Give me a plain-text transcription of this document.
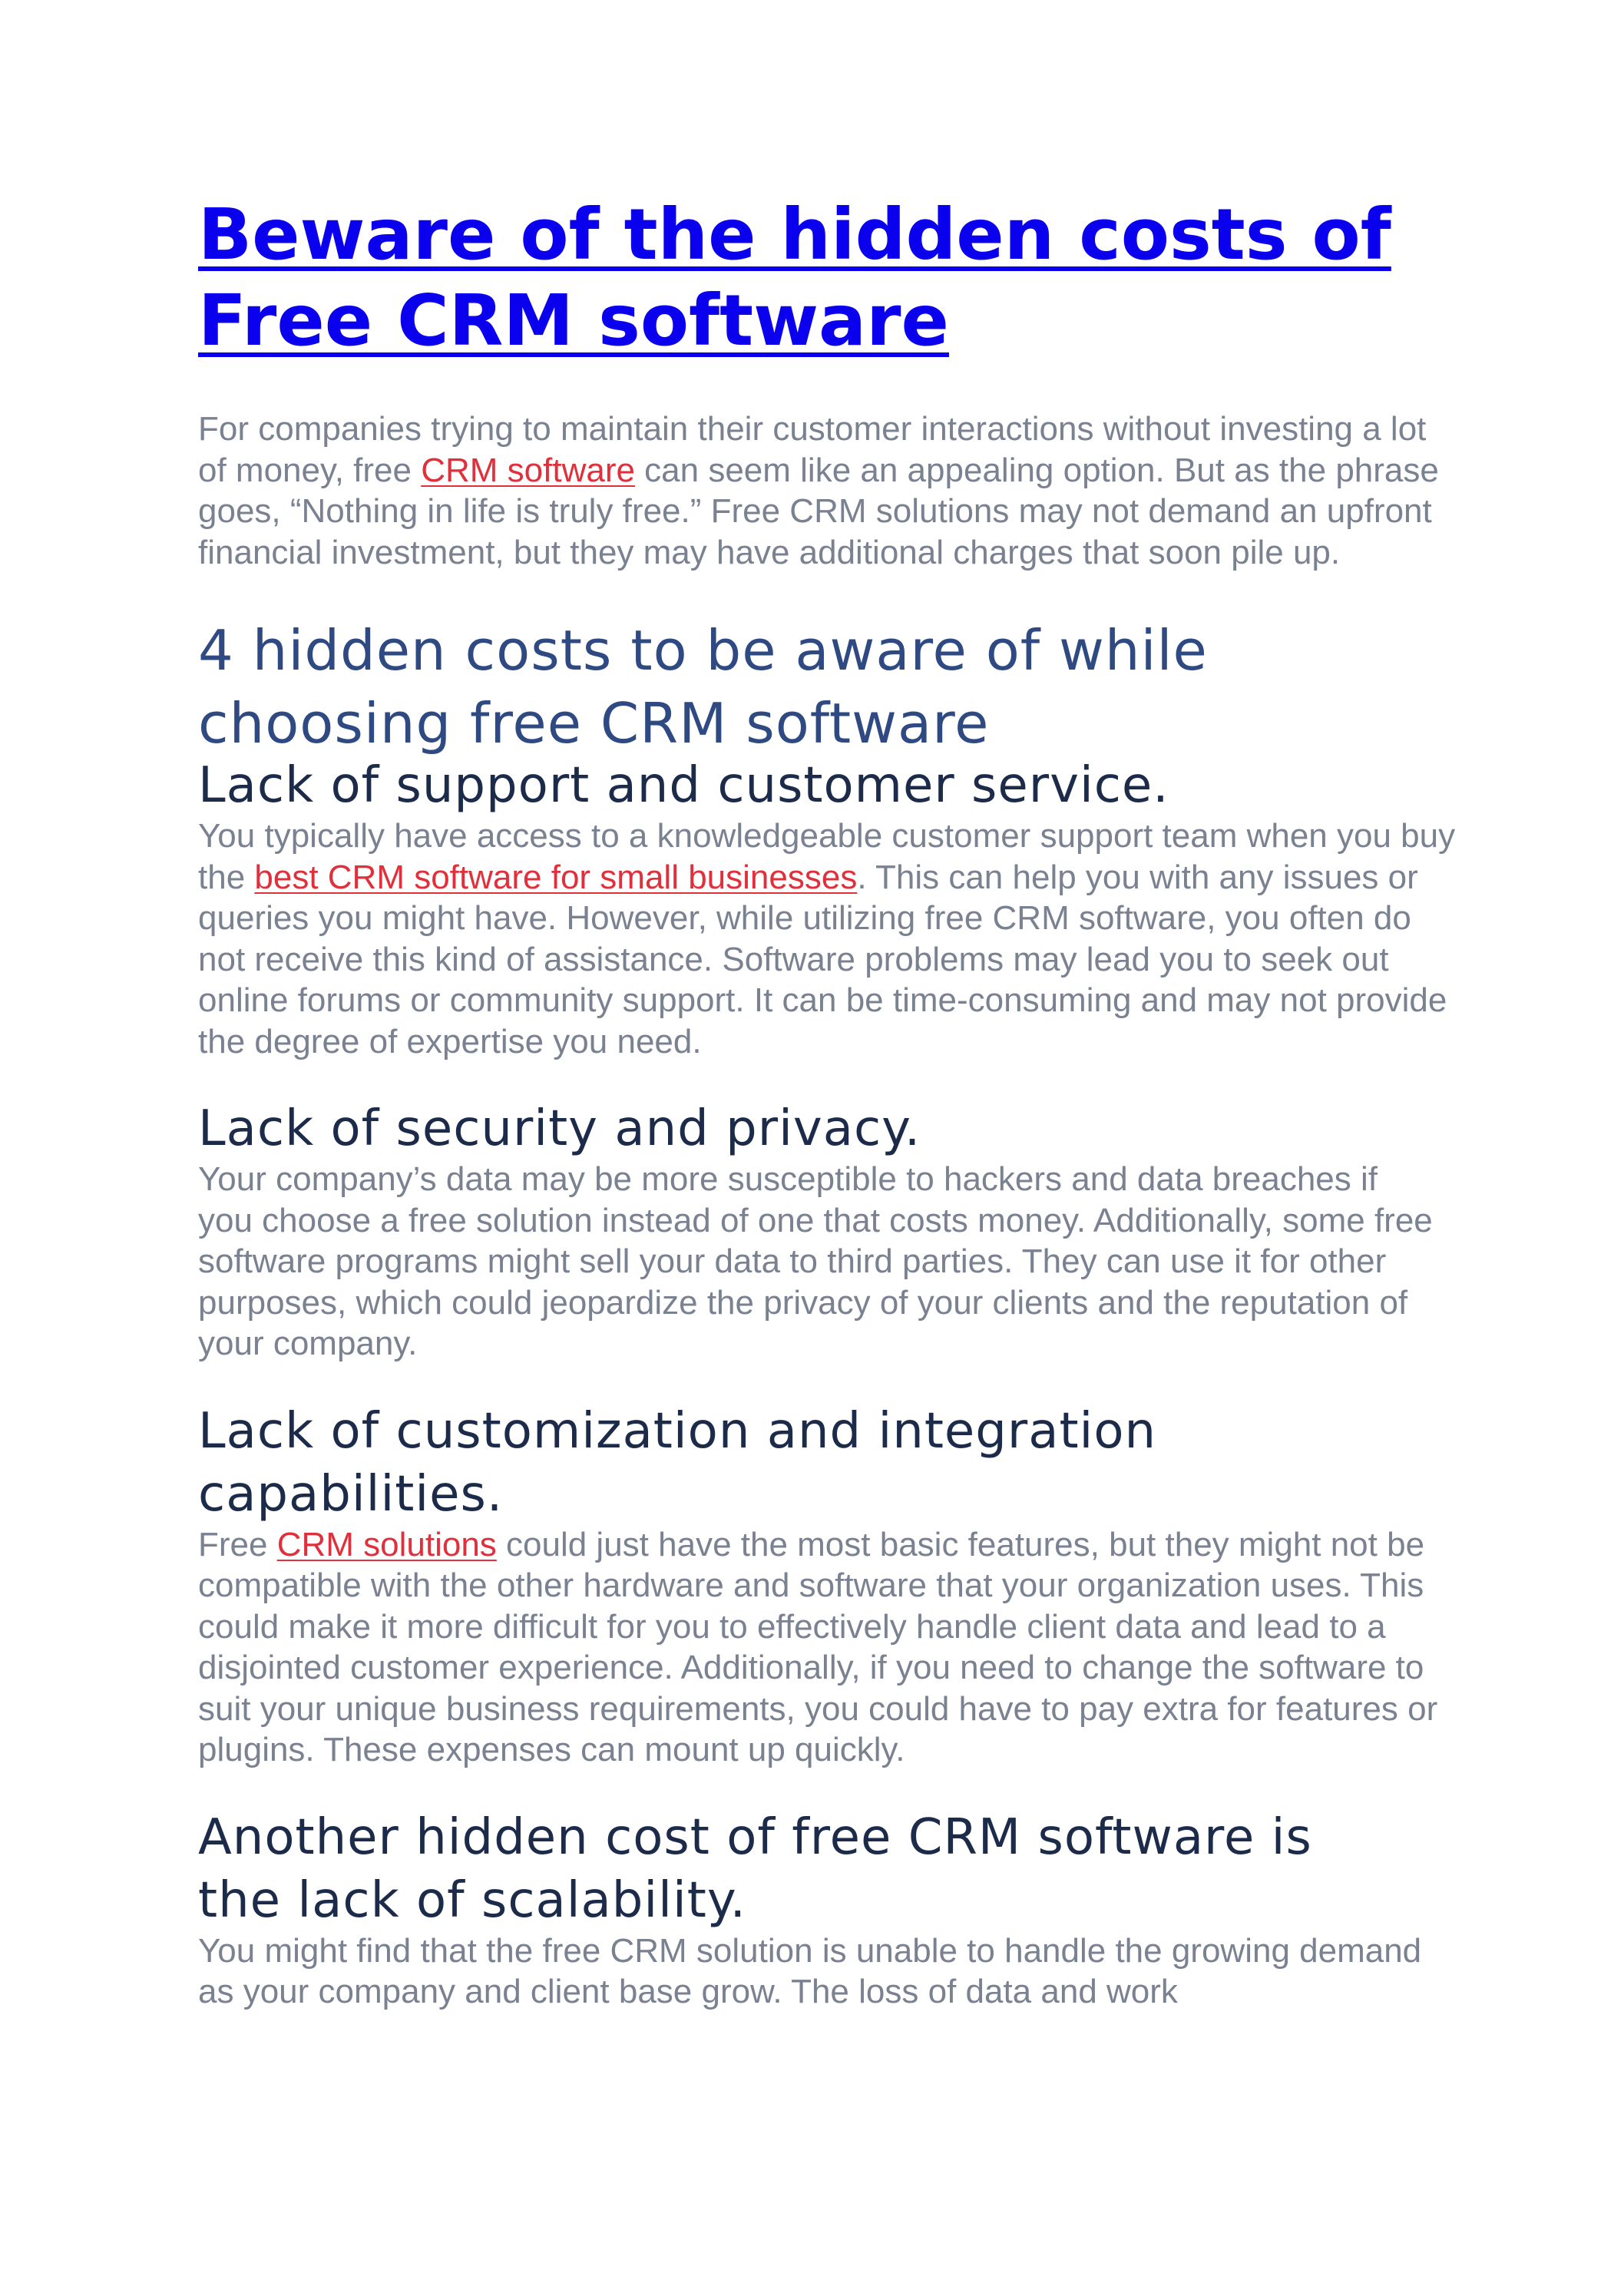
Beware of the hidden costs of Free CRM software

For companies trying to maintain their customer interactions without investing a lot of money, free CRM software can seem like an appealing option. But as the phrase goes, “Nothing in life is truly free.” Free CRM solutions may not demand an upfront financial investment, but they may have additional charges that soon pile up.

4 hidden costs to be aware of while choosing free CRM software
Lack of support and customer service.

You typically have access to a knowledgeable customer support team when you buy the best CRM software for small businesses. This can help you with any issues or queries you might have. However, while utilizing free CRM software, you often do not receive this kind of assistance. Software problems may lead you to seek out online forums or community support. It can be time-consuming and may not provide the degree of expertise you need.

Lack of security and privacy.

Your company’s data may be more susceptible to hackers and data breaches if you choose a free solution instead of one that costs money. Additionally, some free software programs might sell your data to third parties. They can use it for other purposes, which could jeopardize the privacy of your clients and the reputation of your company.

Lack of customization and integration capabilities.

Free CRM solutions could just have the most basic features, but they might not be compatible with the other hardware and software that your organization uses. This could make it more difficult for you to effectively handle client data and lead to a disjointed customer experience. Additionally, if you need to change the software to suit your unique business requirements, you could have to pay extra for features or plugins. These expenses can mount up quickly.

Another hidden cost of free CRM software is the lack of scalability.

You might find that the free CRM solution is unable to handle the growing demand as your company and client base grow. The loss of data and work
